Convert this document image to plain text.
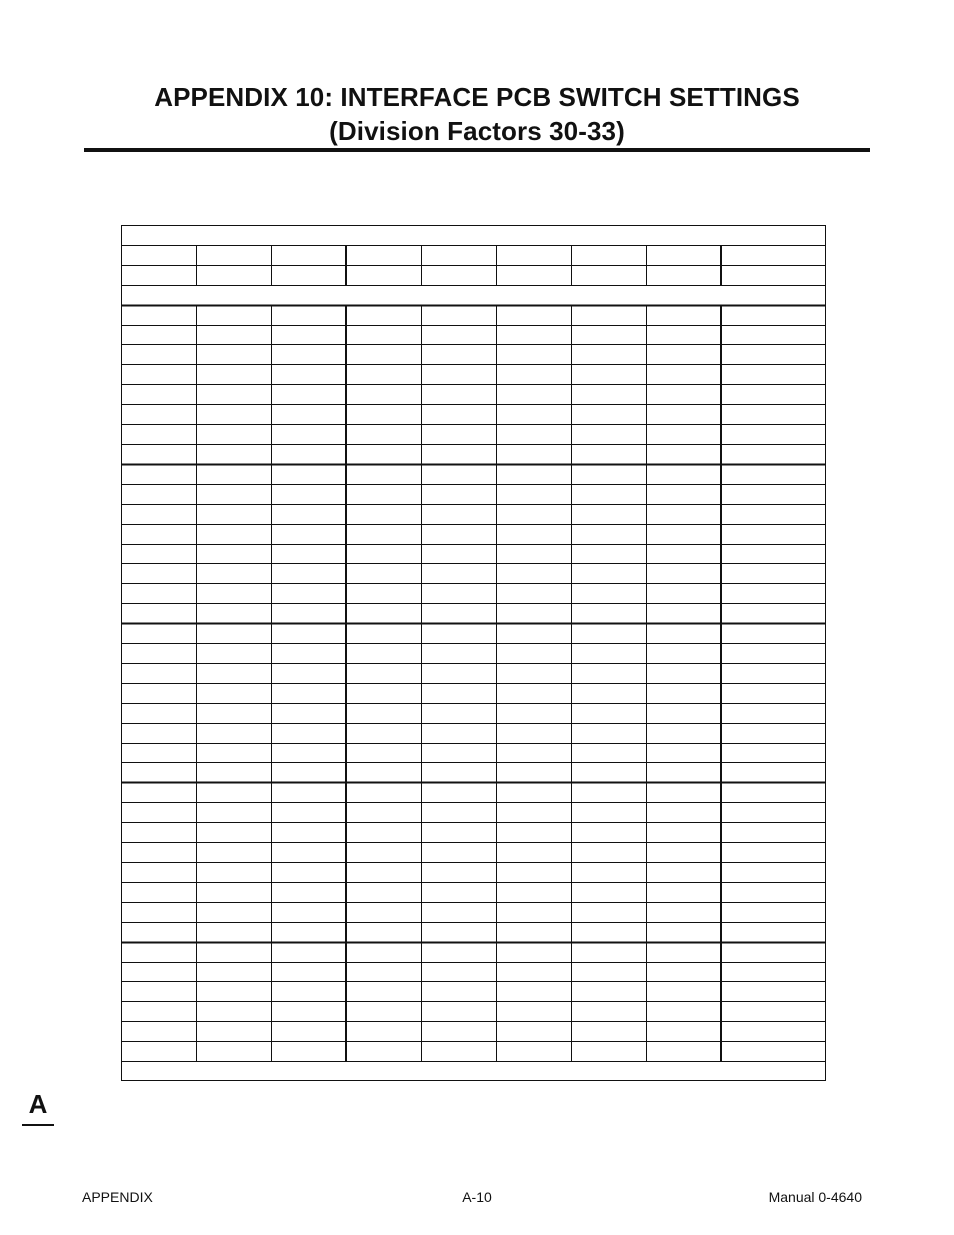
APPENDIX 10: INTERFACE PCB SWITCH SETTINGS
(Division Factors 30-33)
A
APPENDIX	A-10	Manual 0-4640
